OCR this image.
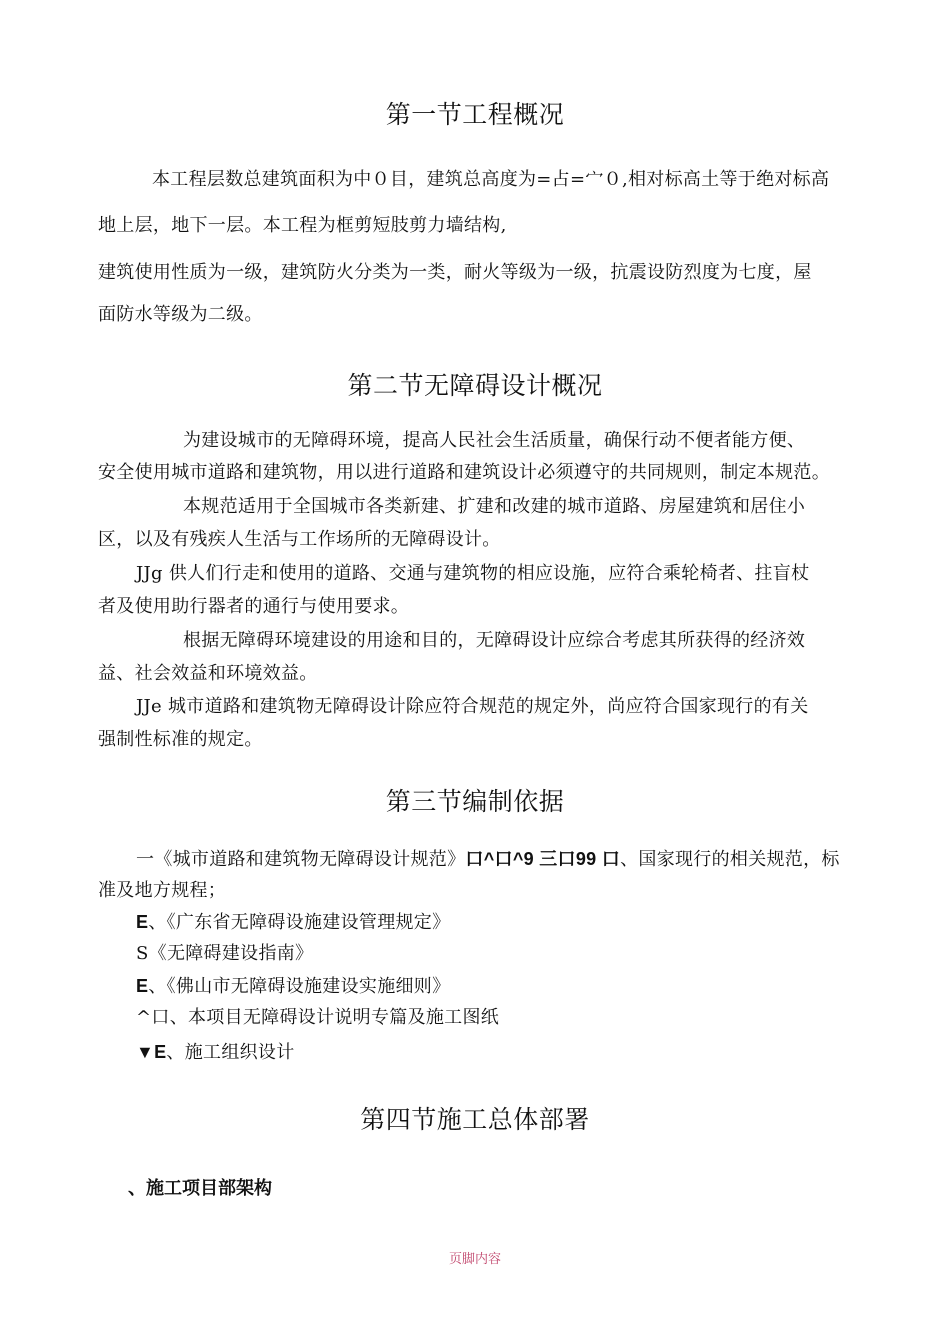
第一节工程概况

本工程层数总建筑面积为中０目，建筑总高度为=占=宀０,相对标高土等于绝对标高

地上层，地下一层。本工程为框剪短肢剪力墙结构,

建筑使用性质为一级，建筑防火分类为一类，耐火等级为一级，抗震设防烈度为七度，屋

面防水等级为二级。

第二节无障碍设计概况

为建设城市的无障碍环境，提高人民社会生活质量，确保行动不便者能方便、

安全使用城市道路和建筑物，用以进行道路和建筑设计必须遵守的共同规则，制定本规范。

本规范适用于全国城市各类新建、扩建和改建的城市道路、房屋建筑和居住小

区，以及有残疾人生活与工作场所的无障碍设计。

JJg 供人们行走和使用的道路、交通与建筑物的相应设施，应符合乘轮椅者、拄盲杖

者及使用助行器者的通行与使用要求。

根据无障碍环境建设的用途和目的，无障碍设计应综合考虑其所获得的经济效

益、社会效益和环境效益。

JJe 城市道路和建筑物无障碍设计除应符合规范的规定外，尚应符合国家现行的有关

强制性标准的规定。

第三节编制依据

一《城市道路和建筑物无障碍设计规范》口^口^9 三口99 口、国家现行的相关规范，标

准及地方规程；

E、《广东省无障碍设施建设管理规定》

S《无障碍建设指南》

E、《佛山市无障碍设施建设实施细则》

^口、本项目无障碍设计说明专篇及施工图纸

▼E、施工组织设计

第四节施工总体部署

、施工项目部架构

页脚内容
